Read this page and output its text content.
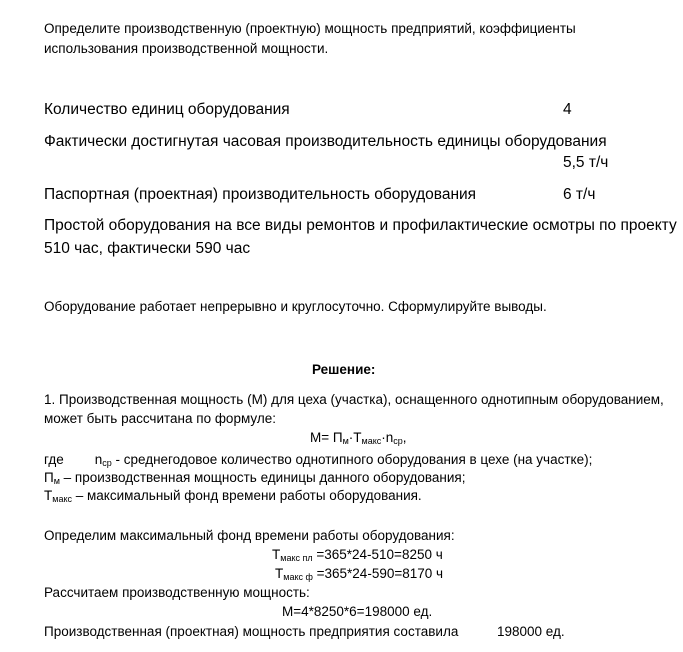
Определите производственную (проектную) мощность предприятий, коэффициенты
использования производственной мощности.
Количество единиц оборудования	4
Фактически достигнутая часовая производительность единицы оборудования
5,5 т/ч
Паспортная (проектная) производительность оборудования	6 т/ч
Простой оборудования на все виды ремонтов и профилактические осмотры по проекту
510 час, фактически 590 час
Оборудование работает непрерывно и круглосуточно. Сформулируйте выводы.
Решение:
1. Производственная мощность (М) для цеха (участка), оснащенного однотипным оборудованием,
может быть рассчитана по формуле:
$М= П_м\cdot Т_{макс}\cdot n_{ср}$,
где $n_{ср}$ - среднегодовое количество однотипного оборудования в цехе (на участке);
$П_м$ – производственная мощность единицы данного оборудования;
$Т_{макс}$ – максимальный фонд времени работы оборудования.
Определим максимальный фонд времени работы оборудования:
$Т_{макс пл} =365*24-510=8250$ ч
$Т_{макс ф} =365*24-590=8170$ ч
Рассчитаем производственную мощность:
М=4*8250*6=198000 ед.
Производственная (проектная) мощность предприятия составила	198000 ед.
